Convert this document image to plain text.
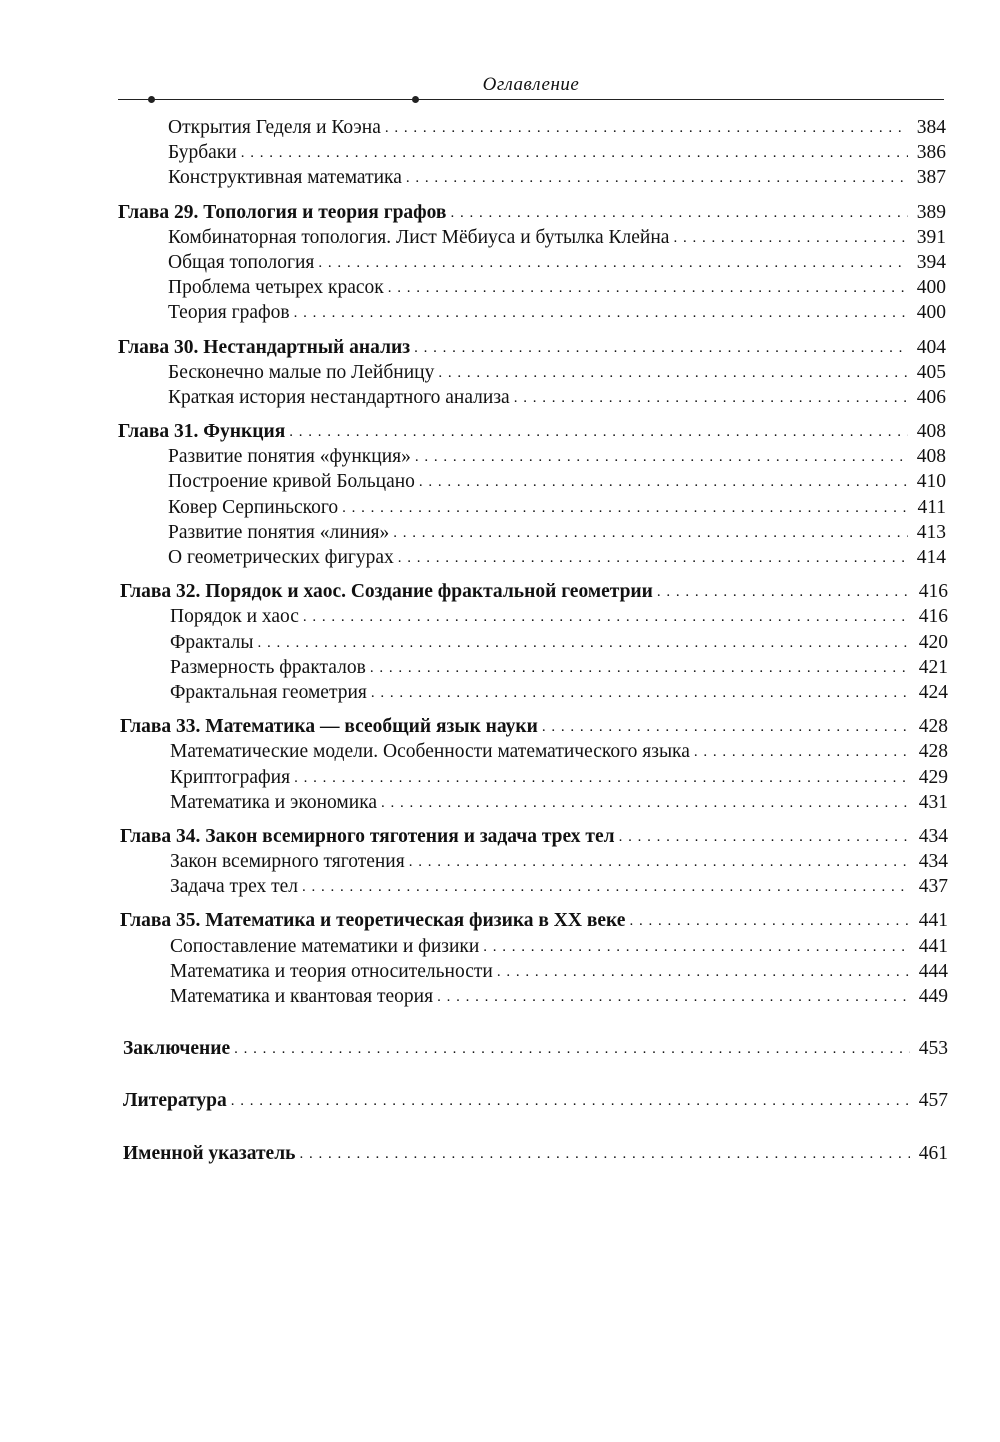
Оглавление
Открытия Геделя и Коэна . . .	384
Бурбаки . . .	386
Конструктивная математика . . .	387
Глава 29. Топология и теория графов . . .	389
Комбинаторная топология. Лист Мёбиуса и бутылка Клейна . . .	391
Общая топология . . .	394
Проблема четырех красок . . .	400
Теория графов . . .	400
Глава 30. Нестандартный анализ . . .	404
Бесконечно малые по Лейбницу . . .	405
Краткая история нестандартного анализа . . .	406
Глава 31. Функция . . .	408
Развитие понятия «функция» . . .	408
Построение кривой Больцано . . .	410
Ковер Серпиньского . . .	411
Развитие понятия «линия» . . .	413
О геометрических фигурах . . .	414
Глава 32. Порядок и хаос. Создание фрактальной геометрии . . .	416
Порядок и хаос . . .	416
Фракталы . . .	420
Размерность фракталов . . .	421
Фрактальная геометрия . . .	424
Глава 33. Математика — всеобщий язык науки . . .	428
Математические модели. Особенности математического языка . . .	428
Криптография . . .	429
Математика и экономика . . .	431
Глава 34. Закон всемирного тяготения и задача трех тел . . .	434
Закон всемирного тяготения . . .	434
Задача трех тел . . .	437
Глава 35. Математика и теоретическая физика в XX веке . . .	441
Сопоставление математики и физики . . .	441
Математика и теория относительности . . .	444
Математика и квантовая теория . . .	449
Заключение . . .	453
Литература . . .	457
Именной указатель . . .	461
